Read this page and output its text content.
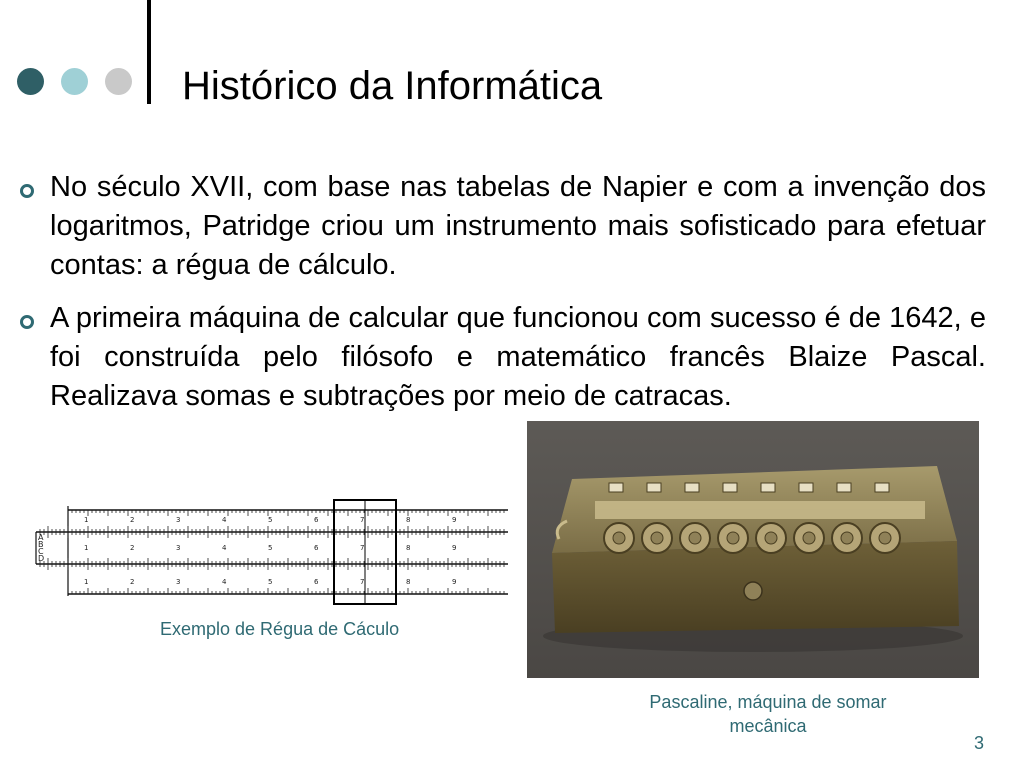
Histórico da Informática
No século XVII, com base nas tabelas de Napier e com a invenção dos logaritmos, Patridge criou um instrumento mais sofisticado para efetuar contas: a régua de cálculo.
A primeira máquina de calcular que funcionou com sucesso é de 1642, e foi construída pelo filósofo e matemático francês Blaize Pascal. Realizava somas e subtrações por meio de catracas.
A
B
C
D
1	2	3	4	5	6	7	8	9
1	2	3	4	5	6	7	8	9
1	2	3	4	5	6	7	8	9
Exemplo de Régua de Cáculo
Pascaline, máquina de somar mecânica
3
